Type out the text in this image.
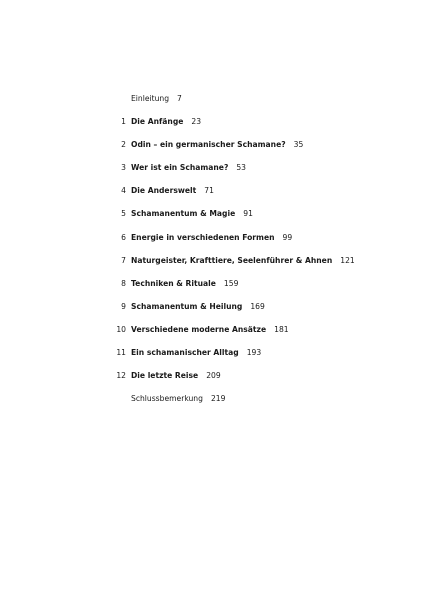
Einleitung 7
1 Die Anfänge 23
2 Odin – ein germanischer Schamane? 35
3 Wer ist ein Schamane? 53
4 Die Anderswelt 71
5 Schamanentum & Magie 91
6 Energie in verschiedenen Formen 99
7 Naturgeister, Krafttiere, Seelenführer & Ahnen 121
8 Techniken & Rituale 159
9 Schamanentum & Heilung 169
10 Verschiedene moderne Ansätze 181
11 Ein schamanischer Alltag 193
12 Die letzte Reise 209
Schlussbemerkung 219
